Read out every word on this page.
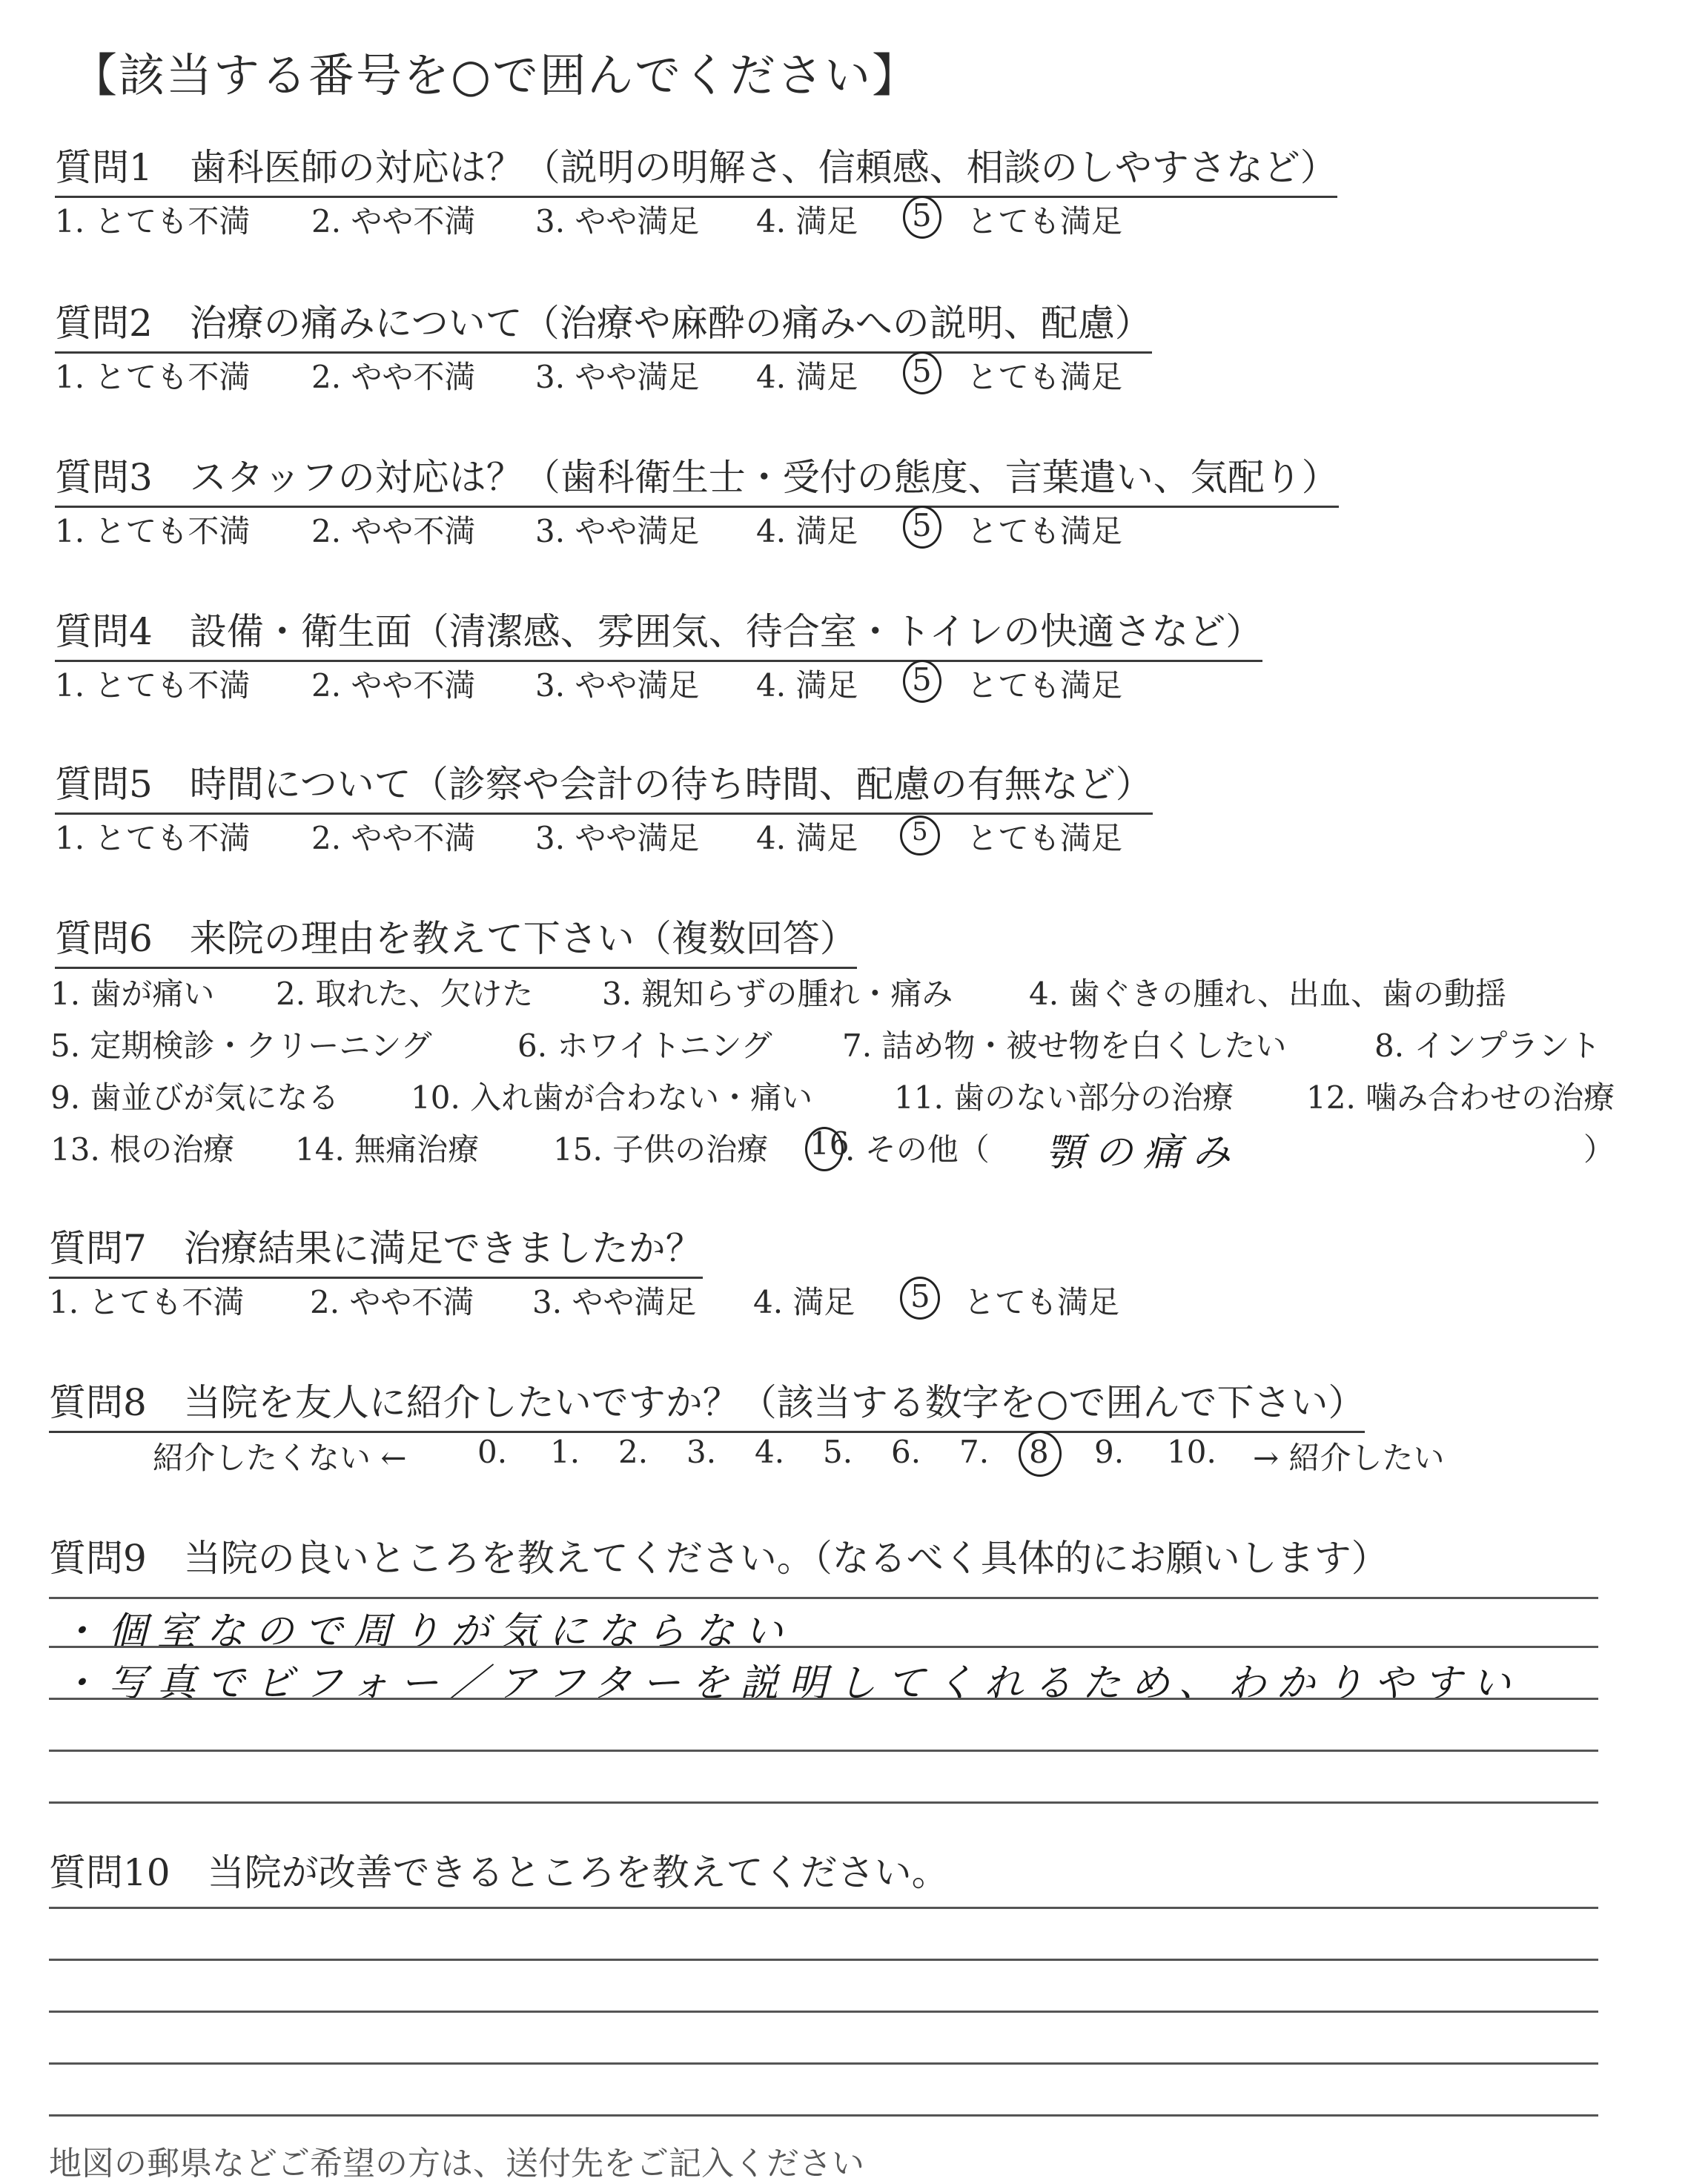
【該当する番号を○で囲んでください】
質問1　歯科医師の対応は？（説明の明解さ、信頼感、相談のしやすさなど）
1. とても不満 2. やや不満 3. やや満足 4. 満足 5 とても満足
質問2　治療の痛みについて（治療や麻酔の痛みへの説明、配慮）
1. とても不満 2. やや不満 3. やや満足 4. 満足 5 とても満足
質問3　スタッフの対応は？（歯科衛生士・受付の態度、言葉遣い、気配り）
1. とても不満 2. やや不満 3. やや満足 4. 満足 5 とても満足
質問4　設備・衛生面（清潔感、雰囲気、待合室・トイレの快適さなど）
1. とても不満 2. やや不満 3. やや満足 4. 満足 5 とても満足
質問5　時間について（診察や会計の待ち時間、配慮の有無など）
1. とても不満 2. やや不満 3. やや満足 4. 満足 5 とても満足
質問6　来院の理由を教えて下さい（複数回答）
1. 歯が痛い 2. 取れた、欠けた 3. 親知らずの腫れ・痛み 4. 歯ぐきの腫れ、出血、歯の動揺
5. 定期検診・クリーニング	6. ホワイトニング 7. 詰め物・被せ物を白くしたい	8. インプラント
9. 歯並びが気になる 10. 入れ歯が合わない・痛い	11. 歯のない部分の治療 12. 噛み合わせの治療
13. 根の治療 14. 無痛治療 15. 子供の治療 16
. その他（ 顎の痛み	）
質問7　治療結果に満足できましたか？
1. とても不満 2. やや不満 3. やや満足 4. 満足 5 とても満足
質問8　当院を友人に紹介したいですか？（該当する数字を○で囲んで下さい）
紹介したくない ← 0. 1. 2. 3. 4. 5. 6. 7. 8 9. 10. → 紹介したい
質問9　当院の良いところを教えてください。（なるべく具体的にお願いします）
・個室なので周りが気にならない
・写真でビフォー／アフターを説明してくれるため、わかりやすい
質問10　当院が改善できるところを教えてください。
地図の郵県などご希望の方は、送付先をご記入ください
